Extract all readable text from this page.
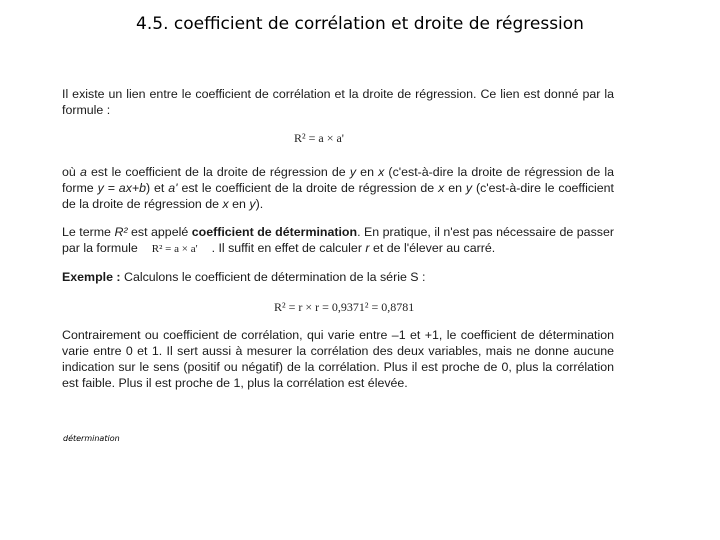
4.5. coefficient de corrélation et droite de régression

Il existe un lien entre le coefficient de corrélation et la droite de régression. Ce lien est donné par la formule :

R² = a × a'

où a est le coefficient de la droite de régression de y en x (c'est-à-dire la droite de régression de la forme y = ax+b) et a' est le coefficient de la droite de régression de x en y (c'est-à-dire le coefficient de la droite de régression de x en y).

Le terme R² est appelé coefficient de détermination. En pratique, il n'est pas nécessaire de passer par la formule R² = a × a' . Il suffit en effet de calculer r et de l'élever au carré.

Exemple : Calculons le coefficient de détermination de la série S :

R² = r × r = 0,9371² = 0,8781

Contrairement ou coefficient de corrélation, qui varie entre –1 et +1, le coefficient de détermination varie entre 0 et 1. Il sert aussi à mesurer la corrélation des deux variables, mais ne donne aucune indication sur le sens (positif ou négatif) de la corrélation. Plus il est proche de 0, plus la corrélation est faible. Plus il est proche de 1, plus la corrélation est élevée.

détermination
